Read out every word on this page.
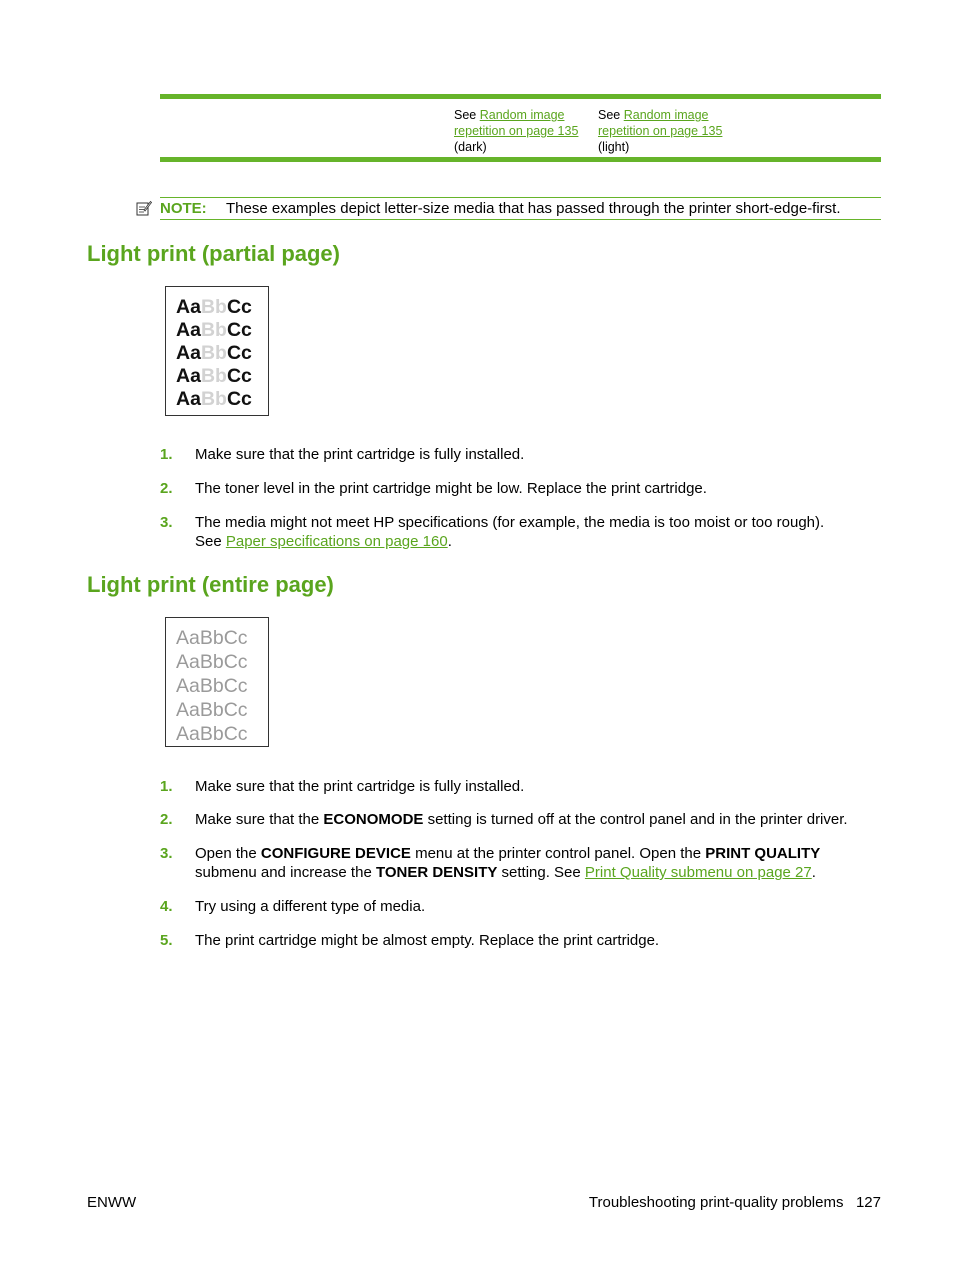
See Random image repetition on page 135
(dark)
See Random image repetition on page 135
(light)
NOTE: These examples depict letter-size media that has passed through the printer short-edge-first.
Light print (partial page)
AaBbCc
AaBbCc
AaBbCc
AaBbCc
AaBbCc
1. Make sure that the print cartridge is fully installed.
2. The toner level in the print cartridge might be low. Replace the print cartridge.
3. The media might not meet HP specifications (for example, the media is too moist or too rough).
See Paper specifications on page 160.
Light print (entire page)
AaBbCc
AaBbCc
AaBbCc
AaBbCc
AaBbCc
1. Make sure that the print cartridge is fully installed.
2. Make sure that the ECONOMODE setting is turned off at the control panel and in the printer driver.
3. Open the CONFIGURE DEVICE menu at the printer control panel. Open the PRINT QUALITY submenu and increase the TONER DENSITY setting. See Print Quality submenu on page 27.
4. Try using a different type of media.
5. The print cartridge might be almost empty. Replace the print cartridge.
ENWW	Troubleshooting print-quality problems 127
